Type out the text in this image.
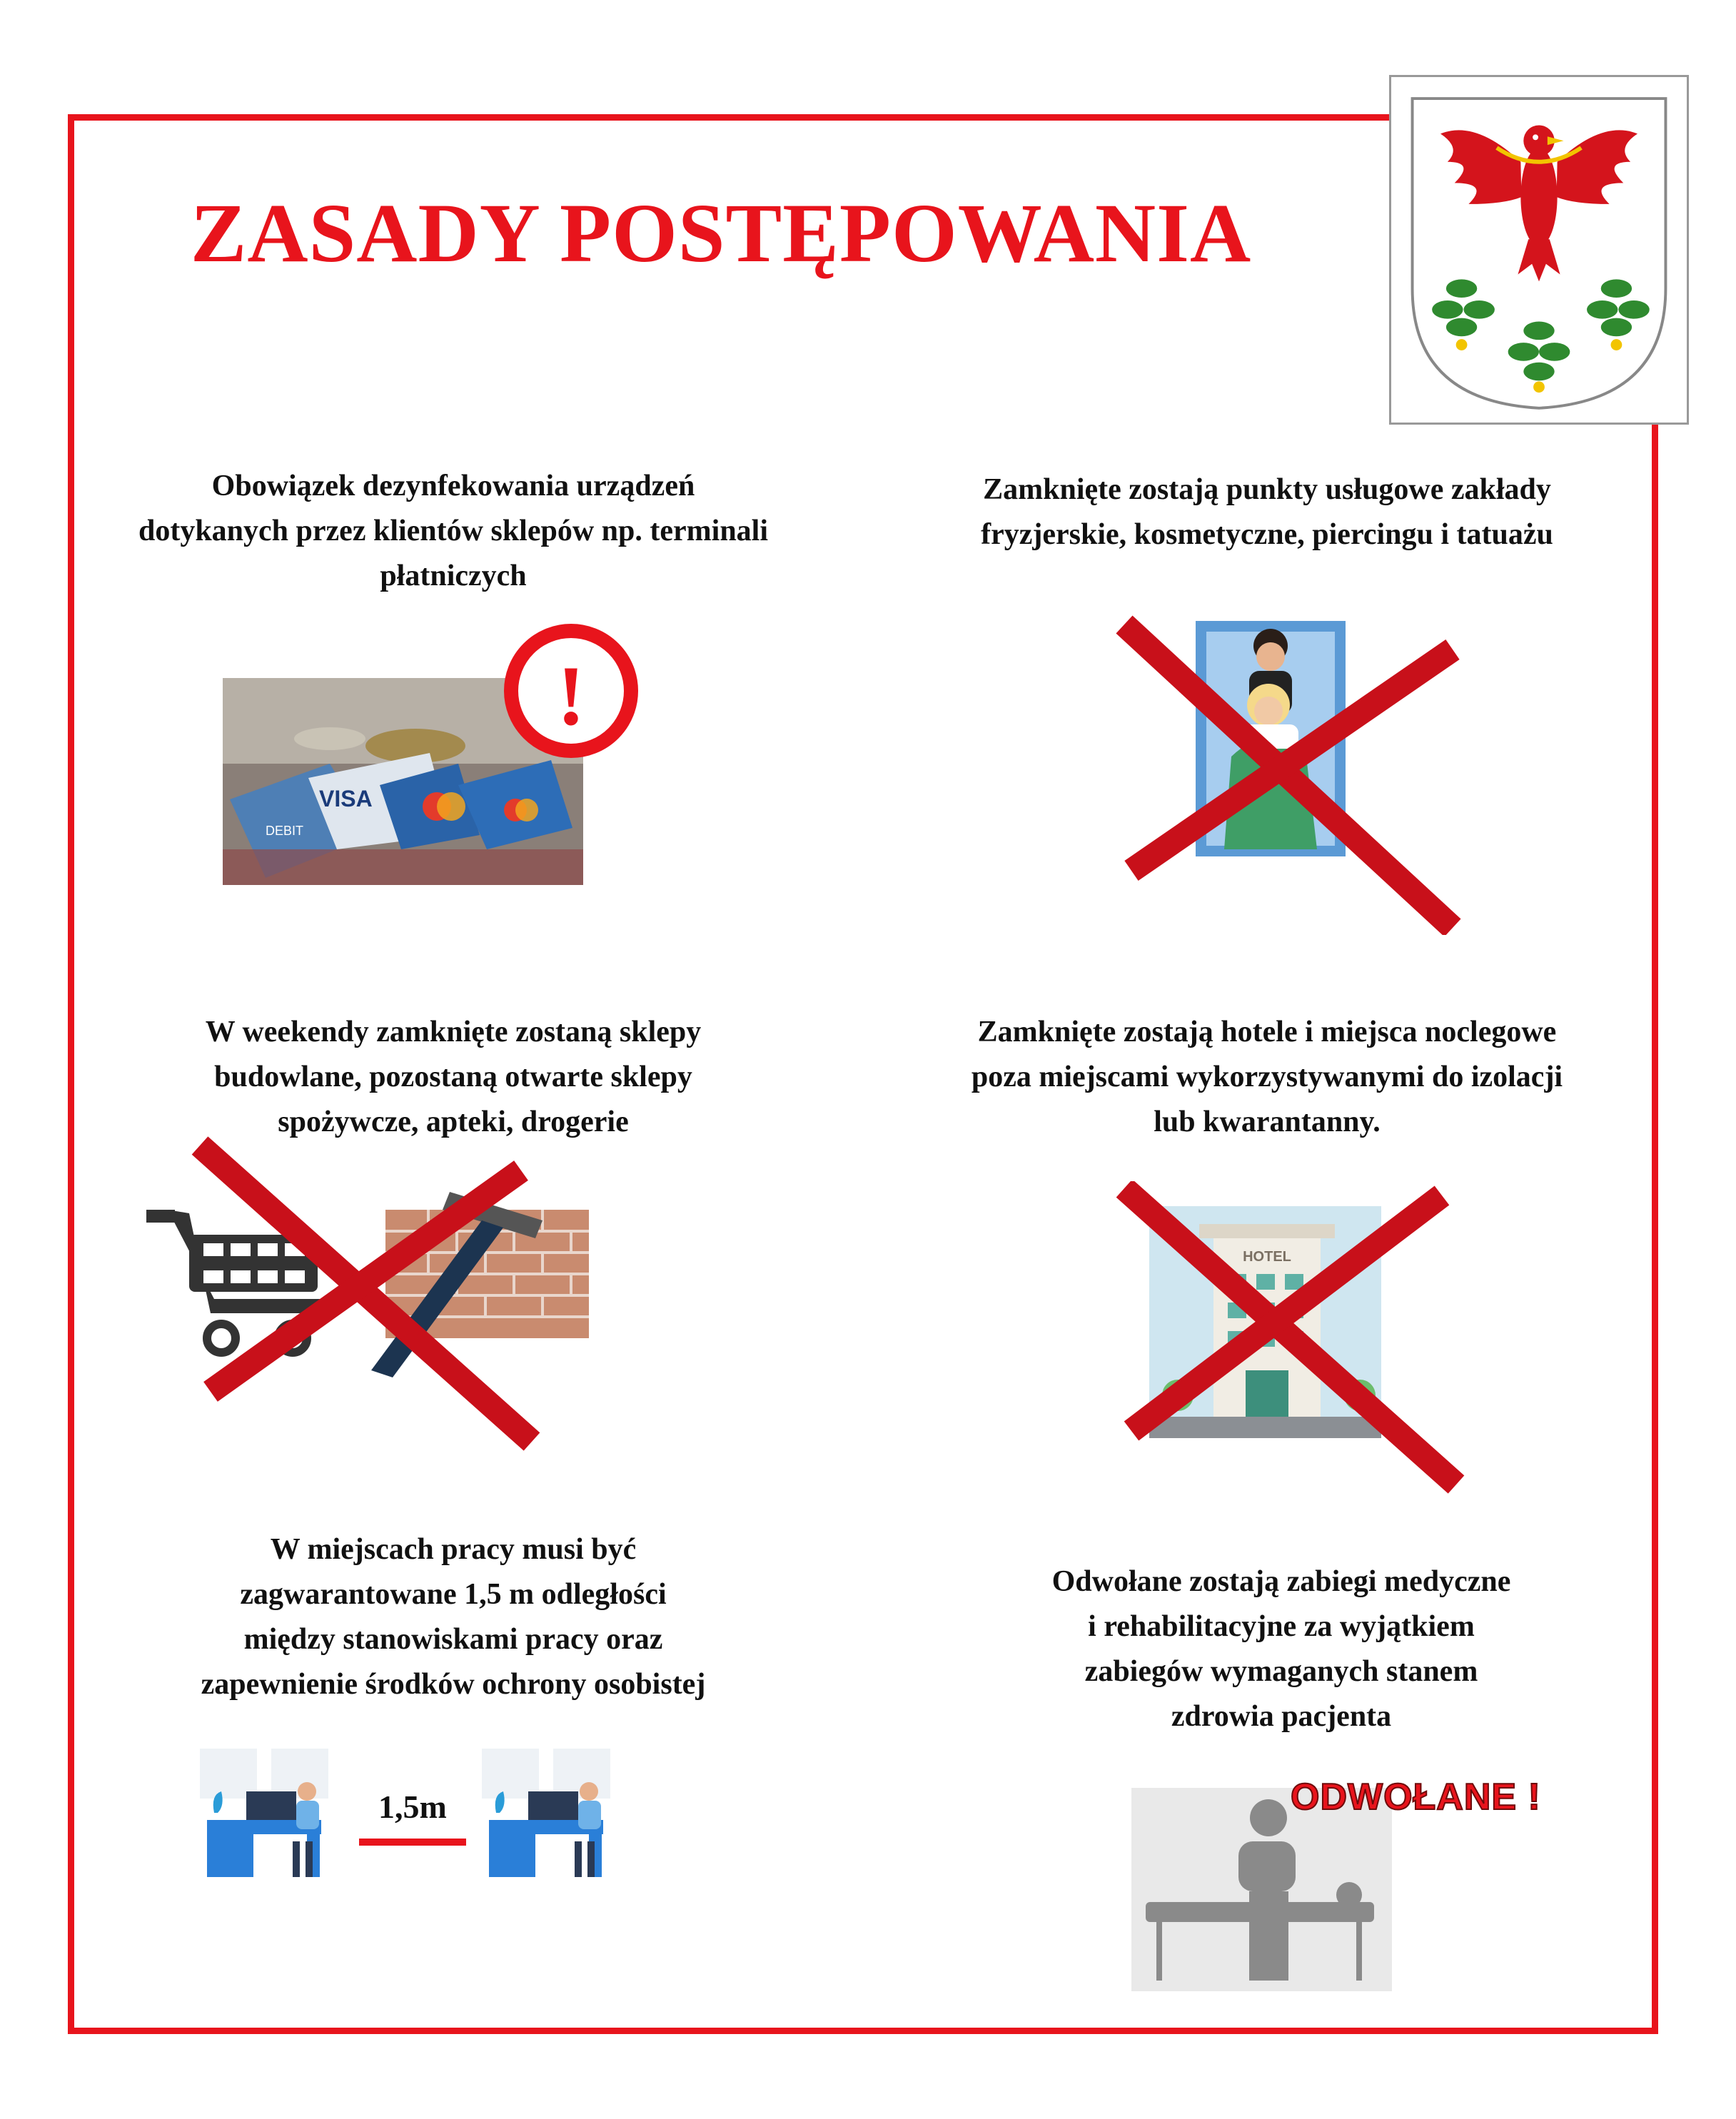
ZASADY POSTĘPOWANIA
Obowiązek dezynfekowania urządzeń
dotykanych przez klientów sklepów np. terminali
płatniczych
VISA
DEBIT
!
Zamknięte zostają punkty usługowe zakłady
fryzjerskie, kosmetyczne, piercingu i tatuażu
W weekendy zamknięte zostaną sklepy
budowlane, pozostaną otwarte sklepy
spożywcze, apteki, drogerie
Zamknięte zostają hotele i miejsca noclegowe
poza miejscami wykorzystywanymi do izolacji
lub kwarantanny.
HOTEL
W miejscach pracy musi być
zagwarantowane 1,5 m odległości
między stanowiskami pracy oraz
zapewnienie środków ochrony osobistej
1,5m
Odwołane zostają zabiegi medyczne
i rehabilitacyjne za wyjątkiem
zabiegów wymaganych stanem
zdrowia pacjenta
ODWOŁANE !
